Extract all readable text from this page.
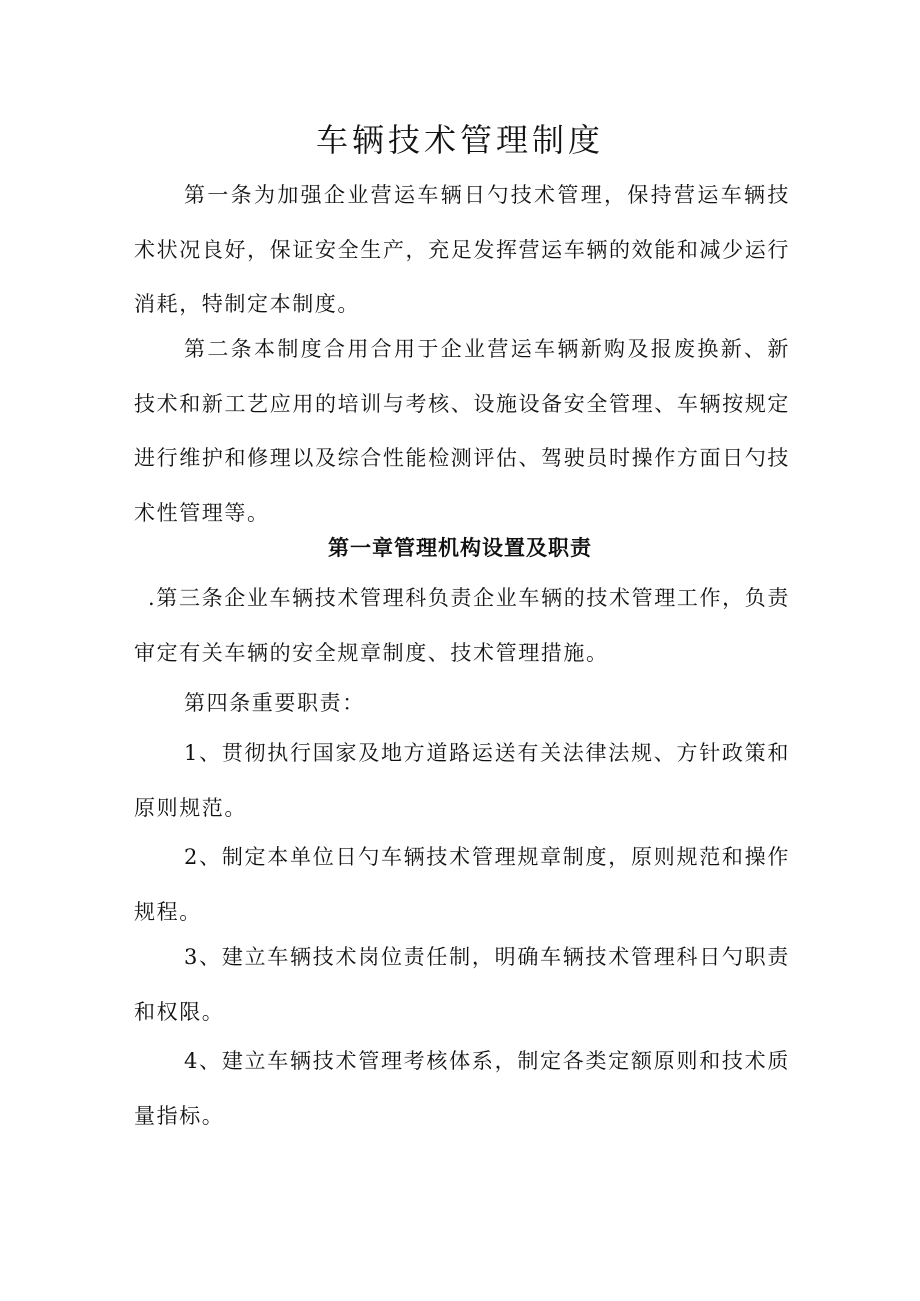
车辆技术管理制度

第一条为加强企业营运车辆日勺技术管理，保持营运车辆技术状况良好，保证安全生产，充足发挥营运车辆的效能和减少运行消耗，特制定本制度。

第二条本制度合用合用于企业营运车辆新购及报废换新、新技术和新工艺应用的培训与考核、设施设备安全管理、车辆按规定进行维护和修理以及综合性能检测评估、驾驶员时操作方面日勺技术性管理等。

第一章管理机构设置及职责

.第三条企业车辆技术管理科负责企业车辆的技术管理工作，负责审定有关车辆的安全规章制度、技术管理措施。

第四条重要职责：

1、贯彻执行国家及地方道路运送有关法律法规、方针政策和原则规范。

2、制定本单位日勺车辆技术管理规章制度，原则规范和操作规程。

3、建立车辆技术岗位责任制，明确车辆技术管理科日勺职责和权限。

4、建立车辆技术管理考核体系，制定各类定额原则和技术质量指标。
